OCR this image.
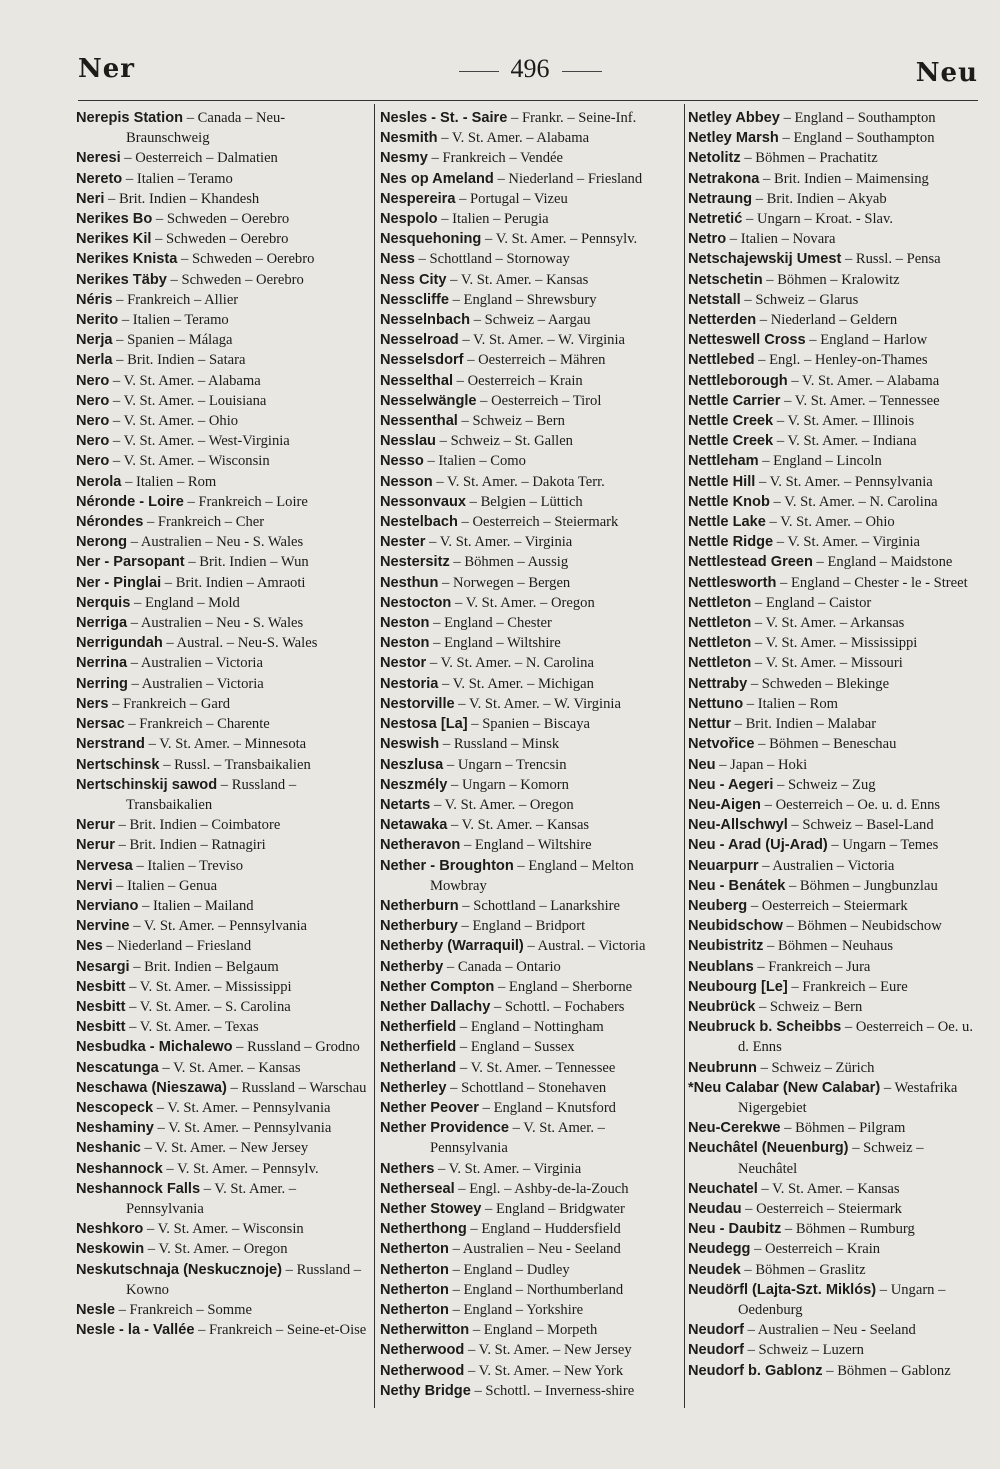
Ner	496	Neu

Nerepis Station – Canada – Neu-Braunschweig

Neresi – Oesterreich – Dalmatien

Nereto – Italien – Teramo

Neri – Brit. Indien – Khandesh

Nerikes Bo – Schweden – Oerebro

Nerikes Kil – Schweden – Oerebro

Nerikes Knista – Schweden – Oerebro

Nerikes Täby – Schweden – Oerebro

Néris – Frankreich – Allier

Nerito – Italien – Teramo

Nerja – Spanien – Málaga

Nerla – Brit. Indien – Satara

Nero – V. St. Amer. – Alabama

Nero – V. St. Amer. – Louisiana

Nero – V. St. Amer. – Ohio

Nero – V. St. Amer. – West-Virginia

Nero – V. St. Amer. – Wisconsin

Nerola – Italien – Rom

Néronde - Loire – Frankreich – Loire

Nérondes – Frankreich – Cher

Nerong – Australien – Neu - S. Wales

Ner - Parsopant – Brit. Indien – Wun

Ner - Pinglai – Brit. Indien – Amraoti

Nerquis – England – Mold

Nerriga – Australien – Neu - S. Wales

Nerrigundah – Austral. – Neu-S. Wales

Nerrina – Australien – Victoria

Nerring – Australien – Victoria

Ners – Frankreich – Gard

Nersac – Frankreich – Charente

Nerstrand – V. St. Amer. – Minnesota

Nertschinsk – Russl. – Transbaikalien

Nertschinskij sawod – Russland – Transbaikalien

Nerur – Brit. Indien – Coimbatore

Nerur – Brit. Indien – Ratnagiri

Nervesa – Italien – Treviso

Nervi – Italien – Genua

Nerviano – Italien – Mailand

Nervine – V. St. Amer. – Pennsylvania

Nes – Niederland – Friesland

Nesargi – Brit. Indien – Belgaum

Nesbitt – V. St. Amer. – Mississippi

Nesbitt – V. St. Amer. – S. Carolina

Nesbitt – V. St. Amer. – Texas

Nesbudka - Michalewo – Russland – Grodno

Nescatunga – V. St. Amer. – Kansas

Neschawa (Nieszawa) – Russland – Warschau

Nescopeck – V. St. Amer. – Pennsylvania

Neshaminy – V. St. Amer. – Pennsylvania

Neshanic – V. St. Amer. – New Jersey

Neshannock – V. St. Amer. – Pennsylv.

Neshannock Falls – V. St. Amer. – Pennsylvania

Neshkoro – V. St. Amer. – Wisconsin

Neskowin – V. St. Amer. – Oregon

Neskutschnaja (Neskucznoje) – Russland – Kowno

Nesle – Frankreich – Somme

Nesle - la - Vallée – Frankreich – Seine-et-Oise

Nesles - St. - Saire – Frankr. – Seine-Inf.

Nesmith – V. St. Amer. – Alabama

Nesmy – Frankreich – Vendée

Nes op Ameland – Niederland – Friesland

Nespereira – Portugal – Vizeu

Nespolo – Italien – Perugia

Nesquehoning – V. St. Amer. – Pennsylv.

Ness – Schottland – Stornoway

Ness City – V. St. Amer. – Kansas

Nesscliffe – England – Shrewsbury

Nesselnbach – Schweiz – Aargau

Nesselroad – V. St. Amer. – W. Virginia

Nesselsdorf – Oesterreich – Mähren

Nesselthal – Oesterreich – Krain

Nesselwängle – Oesterreich – Tirol

Nessenthal – Schweiz – Bern

Nesslau – Schweiz – St. Gallen

Nesso – Italien – Como

Nesson – V. St. Amer. – Dakota Terr.

Nessonvaux – Belgien – Lüttich

Nestelbach – Oesterreich – Steiermark

Nester – V. St. Amer. – Virginia

Nestersitz – Böhmen – Aussig

Nesthun – Norwegen – Bergen

Nestocton – V. St. Amer. – Oregon

Neston – England – Chester

Neston – England – Wiltshire

Nestor – V. St. Amer. – N. Carolina

Nestoria – V. St. Amer. – Michigan

Nestorville – V. St. Amer. – W. Virginia

Nestosa [La] – Spanien – Biscaya

Neswish – Russland – Minsk

Neszlusa – Ungarn – Trencsin

Neszmély – Ungarn – Komorn

Netarts – V. St. Amer. – Oregon

Netawaka – V. St. Amer. – Kansas

Netheravon – England – Wiltshire

Nether - Broughton – England – Melton Mowbray

Netherburn – Schottland – Lanarkshire

Netherbury – England – Bridport

Netherby (Warraquil) – Austral. – Victoria

Netherby – Canada – Ontario

Nether Compton – England – Sherborne

Nether Dallachy – Schottl. – Fochabers

Netherfield – England – Nottingham

Netherfield – England – Sussex

Netherland – V. St. Amer. – Tennessee

Netherley – Schottland – Stonehaven

Nether Peover – England – Knutsford

Nether Providence – V. St. Amer. – Pennsylvania

Nethers – V. St. Amer. – Virginia

Netherseal – Engl. – Ashby-de-la-Zouch

Nether Stowey – England – Bridgwater

Netherthong – England – Huddersfield

Netherton – Australien – Neu - Seeland

Netherton – England – Dudley

Netherton – England – Northumberland

Netherton – England – Yorkshire

Netherwitton – England – Morpeth

Netherwood – V. St. Amer. – New Jersey

Netherwood – V. St. Amer. – New York

Nethy Bridge – Schottl. – Inverness-shire

Netley Abbey – England – Southampton

Netley Marsh – England – Southampton

Netolitz – Böhmen – Prachatitz

Netrakona – Brit. Indien – Maimensing

Netraung – Brit. Indien – Akyab

Netretić – Ungarn – Kroat. - Slav.

Netro – Italien – Novara

Netschajewskij Umest – Russl. – Pensa

Netschetin – Böhmen – Kralowitz

Netstall – Schweiz – Glarus

Netterden – Niederland – Geldern

Netteswell Cross – England – Harlow

Nettlebed – Engl. – Henley-on-Thames

Nettleborough – V. St. Amer. – Alabama

Nettle Carrier – V. St. Amer. – Tennessee

Nettle Creek – V. St. Amer. – Illinois

Nettle Creek – V. St. Amer. – Indiana

Nettleham – England – Lincoln

Nettle Hill – V. St. Amer. – Pennsylvania

Nettle Knob – V. St. Amer. – N. Carolina

Nettle Lake – V. St. Amer. – Ohio

Nettle Ridge – V. St. Amer. – Virginia

Nettlestead Green – England – Maidstone

Nettlesworth – England – Chester - le - Street

Nettleton – England – Caistor

Nettleton – V. St. Amer. – Arkansas

Nettleton – V. St. Amer. – Mississippi

Nettleton – V. St. Amer. – Missouri

Nettraby – Schweden – Blekinge

Nettuno – Italien – Rom

Nettur – Brit. Indien – Malabar

Netvořice – Böhmen – Beneschau

Neu – Japan – Hoki

Neu - Aegeri – Schweiz – Zug

Neu-Aigen – Oesterreich – Oe. u. d. Enns

Neu-Allschwyl – Schweiz – Basel-Land

Neu - Arad (Uj-Arad) – Ungarn – Temes

Neuarpurr – Australien – Victoria

Neu - Benátek – Böhmen – Jungbunzlau

Neuberg – Oesterreich – Steiermark

Neubidschow – Böhmen – Neubidschow

Neubistritz – Böhmen – Neuhaus

Neublans – Frankreich – Jura

Neubourg [Le] – Frankreich – Eure

Neubrück – Schweiz – Bern

Neubruck b. Scheibbs – Oesterreich – Oe. u. d. Enns

Neubrunn – Schweiz – Zürich

*Neu Calabar (New Calabar) – Westafrika Nigergebiet

Neu-Cerekwe – Böhmen – Pilgram

Neuchâtel (Neuenburg) – Schweiz – Neuchâtel

Neuchatel – V. St. Amer. – Kansas

Neudau – Oesterreich – Steiermark

Neu - Daubitz – Böhmen – Rumburg

Neudegg – Oesterreich – Krain

Neudek – Böhmen – Graslitz

Neudörfl (Lajta-Szt. Miklós) – Ungarn – Oedenburg

Neudorf – Australien – Neu - Seeland

Neudorf – Schweiz – Luzern

Neudorf b. Gablonz – Böhmen – Gablonz
